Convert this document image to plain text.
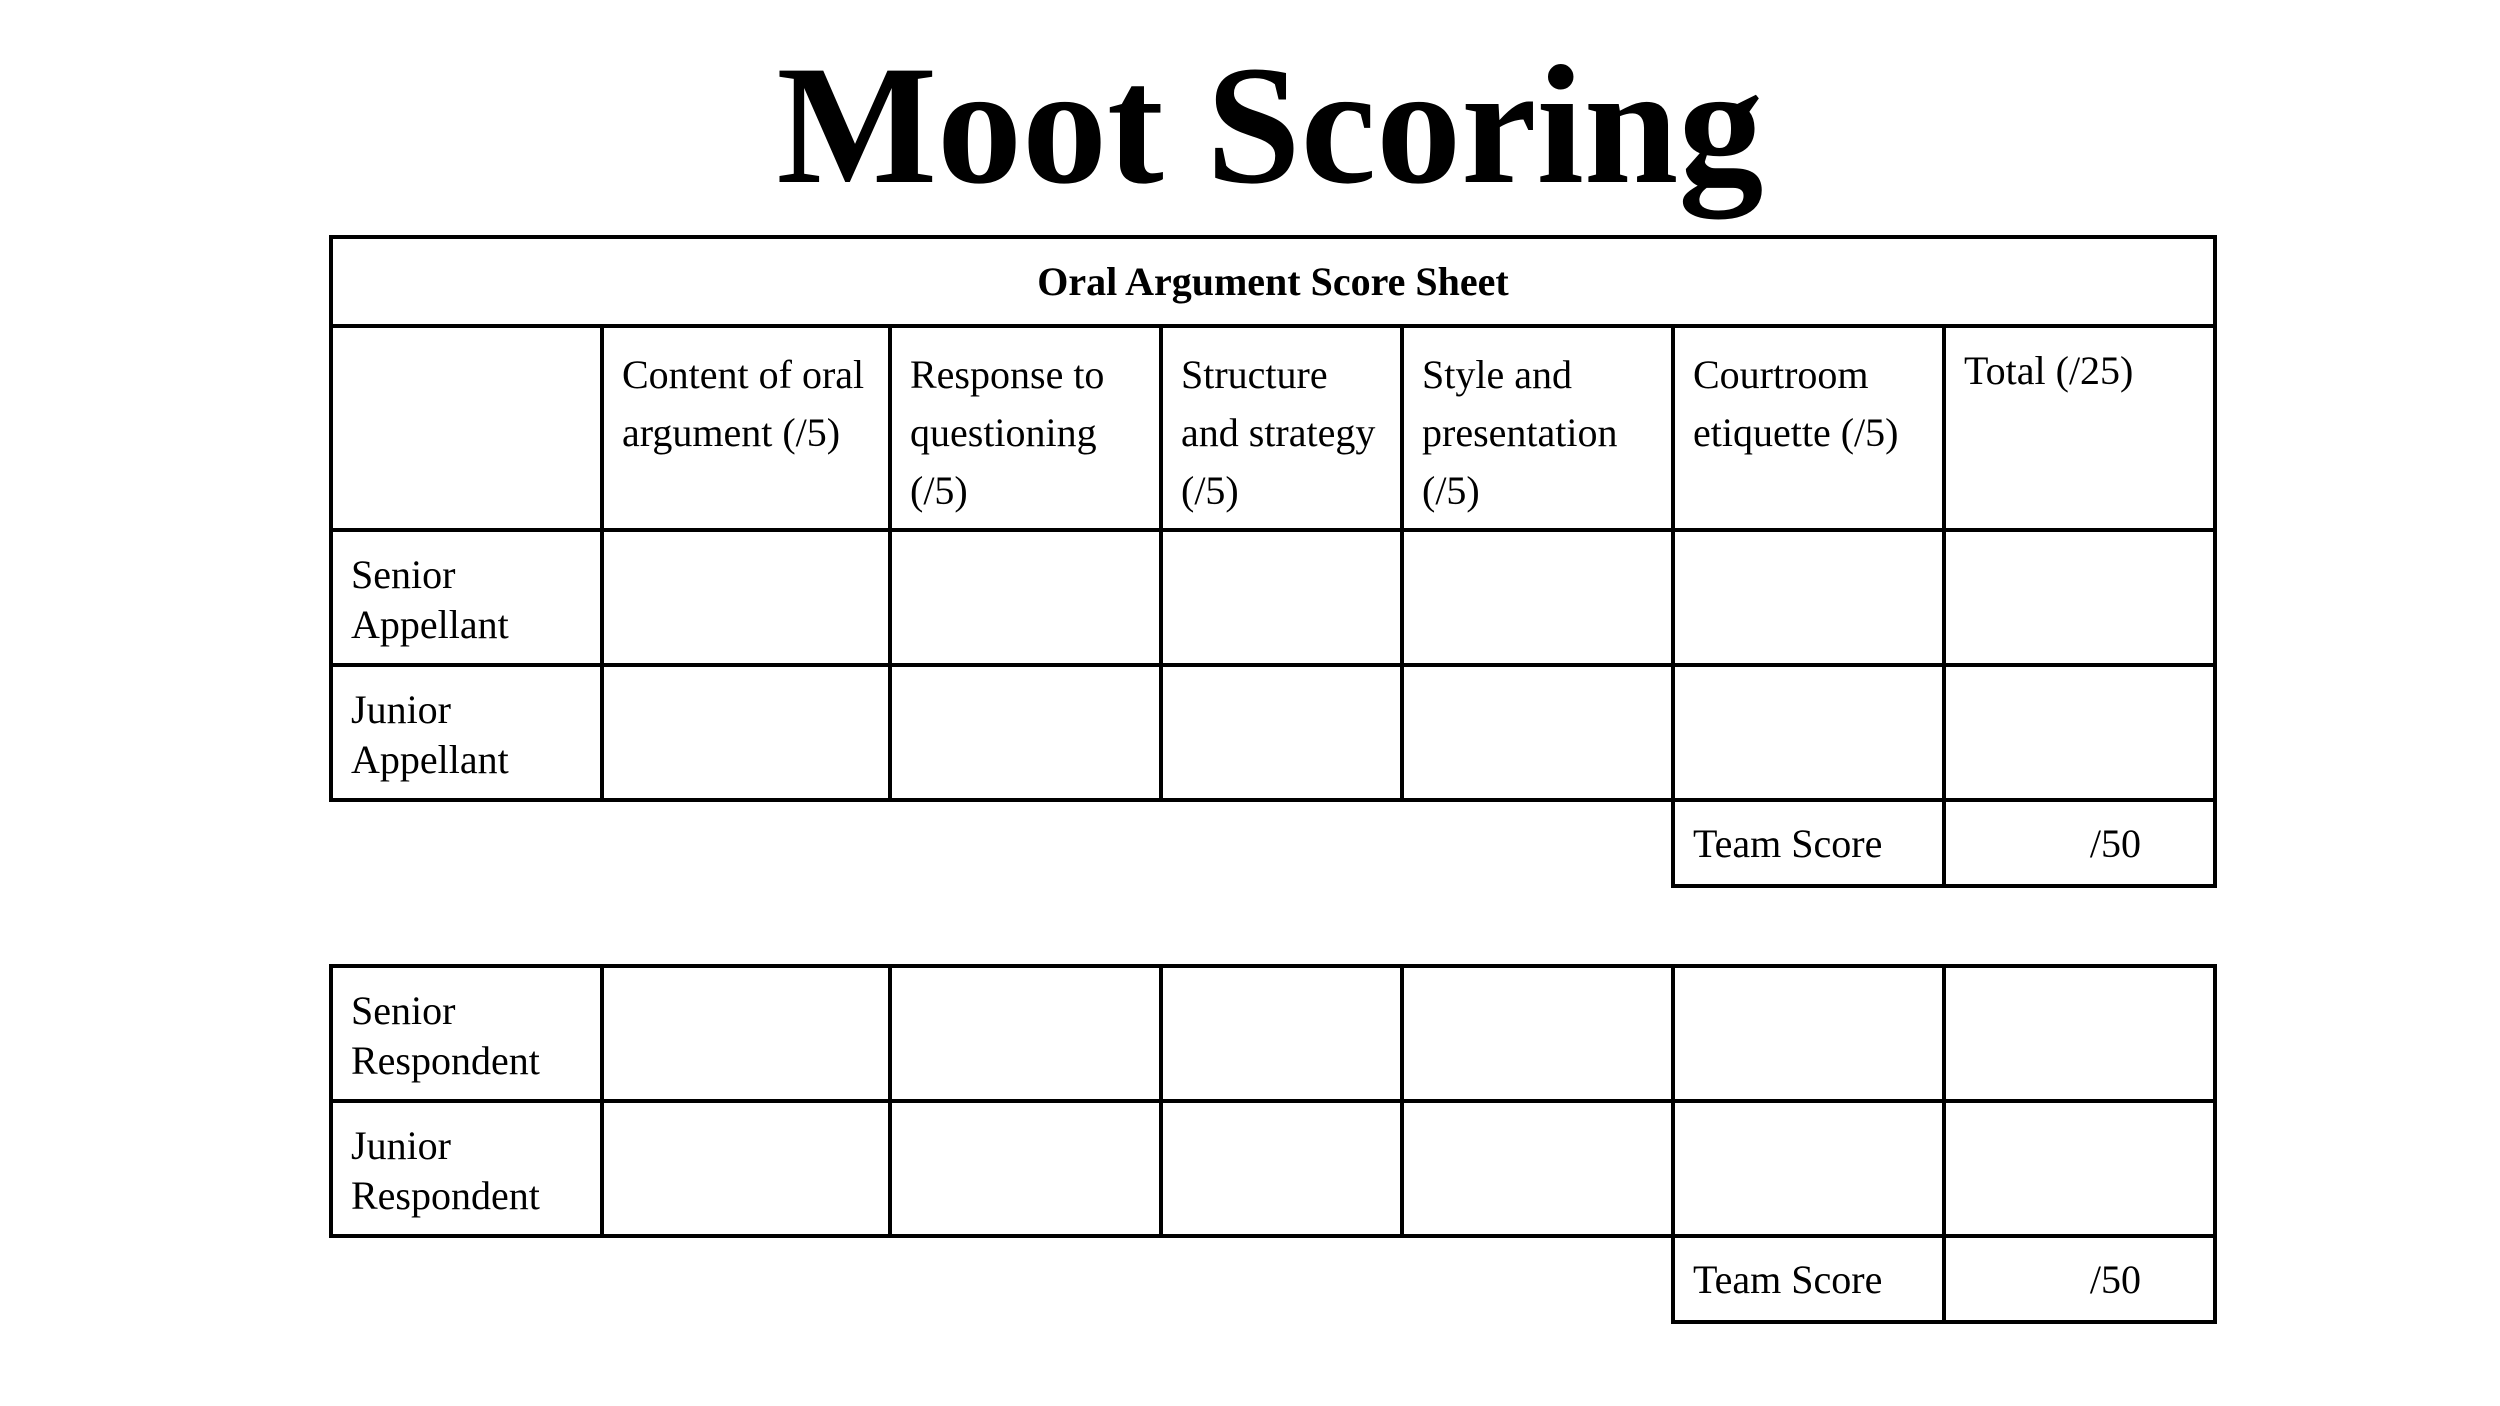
Moot Scoring
Oral Argument Score Sheet						

	Content of oral argument (/5)	Response to questioning (/5)	Structure and strategy (/5)	Style and presentation (/5)	Courtroom etiquette (/5)	Total (/25)

Senior Appellant						

Junior Appellant						

					Team Score	/50
Senior Respondent						

Junior Respondent						

					Team Score	/50
